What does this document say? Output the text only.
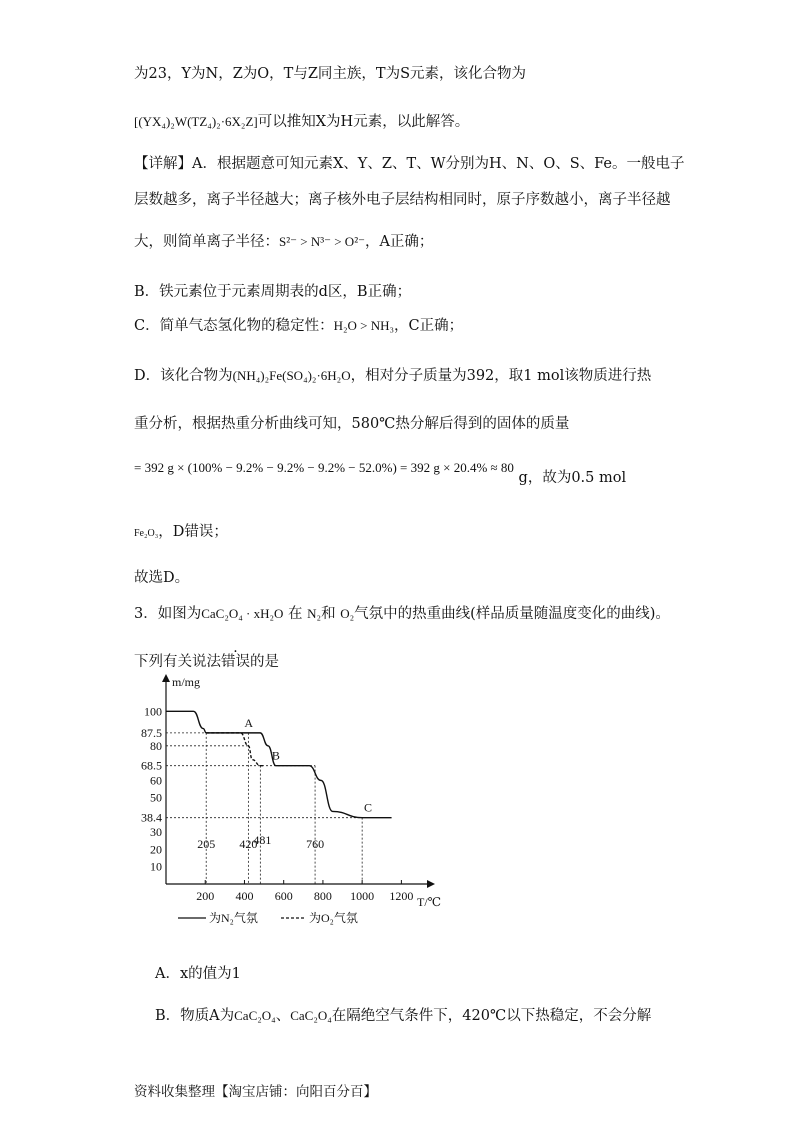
为23，Y为N，Z为O，T与Z同主族，T为S元素，该化合物为
[(YX₄)₂W(TZ₄)₂·6X₂Z]可以推知X为H元素，以此解答。
【详解】A．根据题意可知元素X、Y、Z、T、W分别为H、N、O、S、Fe。一般电子
层数越多，离子半径越大；离子核外电子层结构相同时，原子序数越小，离子半径越
大，则简单离子半径：S²⁻ > N³⁻ > O²⁻，A正确；
B．铁元素位于元素周期表的d区，B正确；
C．简单气态氢化物的稳定性：H₂O > NH₃，C正确；
D．该化合物为(NH₄)₂Fe(SO₄)₂·6H₂O，相对分子质量为392，取1 mol该物质进行热
重分析，根据热重分析曲线可知，580℃热分解后得到的固体的质量
= 392 g × (100% − 9.2% − 9.2% − 9.2% − 52.0%) = 392 g × 20.4% ≈ 80 g，故为0.5 mol
Fe₂O₃，D错误；
故选D。
3．如图为CaC₂O₄ · xH₂O 在 N₂和 O₂气氛中的热重曲线(样品质量随温度变化的曲线)。
下列有关说法错误的是
m/mg
T/℃
10
20
30
38.4
50
60
68.5
80
87.5
100
200 400 600 800 1000 1200
205 420
481	760
A
B
C
为N₂气氛	为O₂气氛
A．x的值为1
B．物质A为CaC₂O₄、CaC₂O₄在隔绝空气条件下，420℃以下热稳定，不会分解
资料收集整理【淘宝店铺：向阳百分百】
